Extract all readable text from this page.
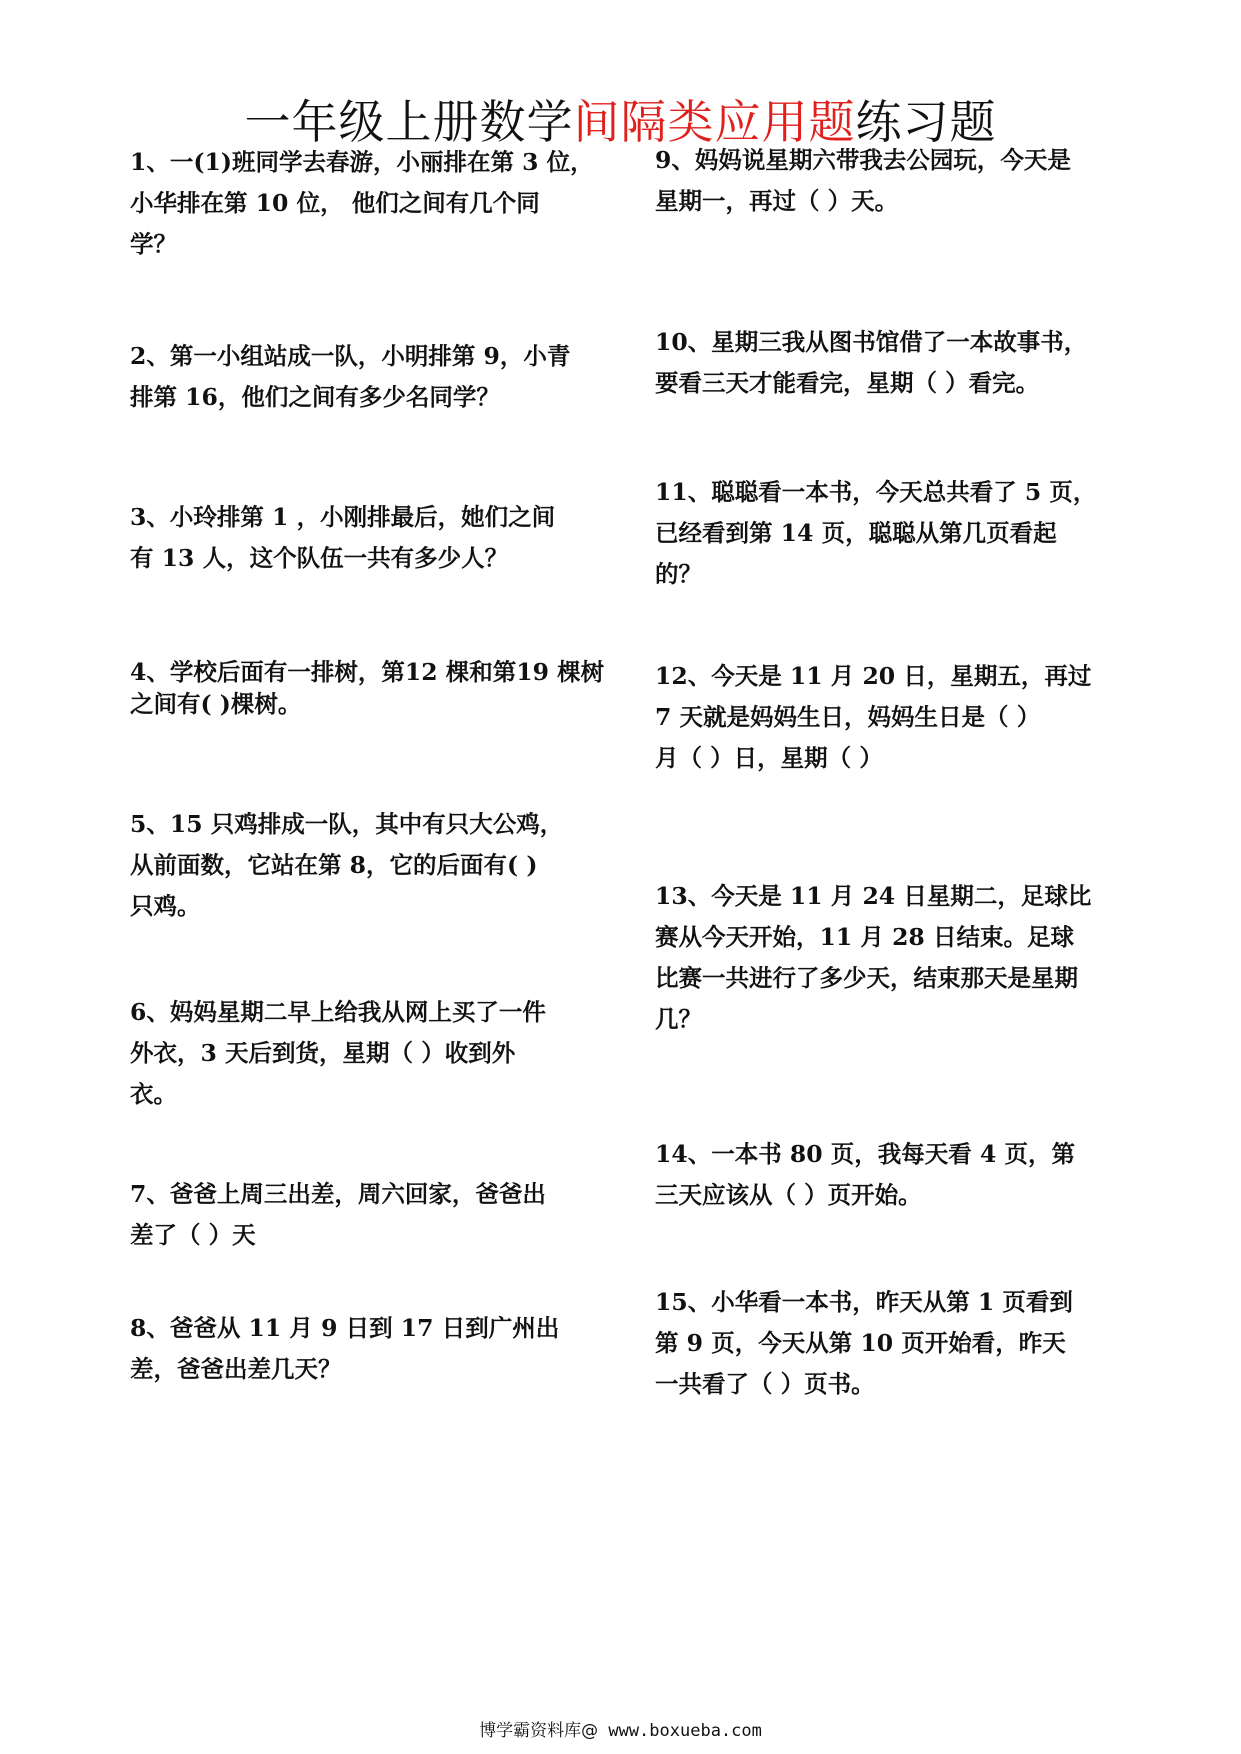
一年级上册数学间隔类应用题练习题
1、一(1)班同学去春游，小丽排在第 3 位，
小华排在第 10 位， 他们之间有几个同
学？
2、第一小组站成一队，小明排第 9，小青
排第 16，他们之间有多少名同学？
3、小玲排第 1 ，小刚排最后，她们之间
有 13 人，这个队伍一共有多少人？
4、学校后面有一排树，第12 棵和第19 棵树
之间有( )棵树。
5、15 只鸡排成一队，其中有只大公鸡，
从前面数，它站在第 8，它的后面有( )
只鸡。
6、妈妈星期二早上给我从网上买了一件
外衣，3 天后到货，星期（ ）收到外
衣。
7、爸爸上周三出差，周六回家，爸爸出
差了（ ）天
8、爸爸从 11 月 9 日到 17 日到广州出
差，爸爸出差几天？
9、妈妈说星期六带我去公园玩，今天是
星期一，再过（ ）天。
10、星期三我从图书馆借了一本故事书，
要看三天才能看完，星期（ ）看完。
11、聪聪看一本书，今天总共看了 5 页，
已经看到第 14 页，聪聪从第几页看起
的？
12、今天是 11 月 20 日，星期五，再过
7 天就是妈妈生日，妈妈生日是（ ）
月（ ）日，星期（ ）
13、今天是 11 月 24 日星期二，足球比
赛从今天开始，11 月 28 日结束。足球
比赛一共进行了多少天，结束那天是星期
几？
14、一本书 80 页，我每天看 4 页，第
三天应该从（ ）页开始。
15、小华看一本书，昨天从第 1 页看到
第 9 页，今天从第 10 页开始看，昨天
一共看了（ ）页书。
博学霸资料库@ www.boxueba.com
